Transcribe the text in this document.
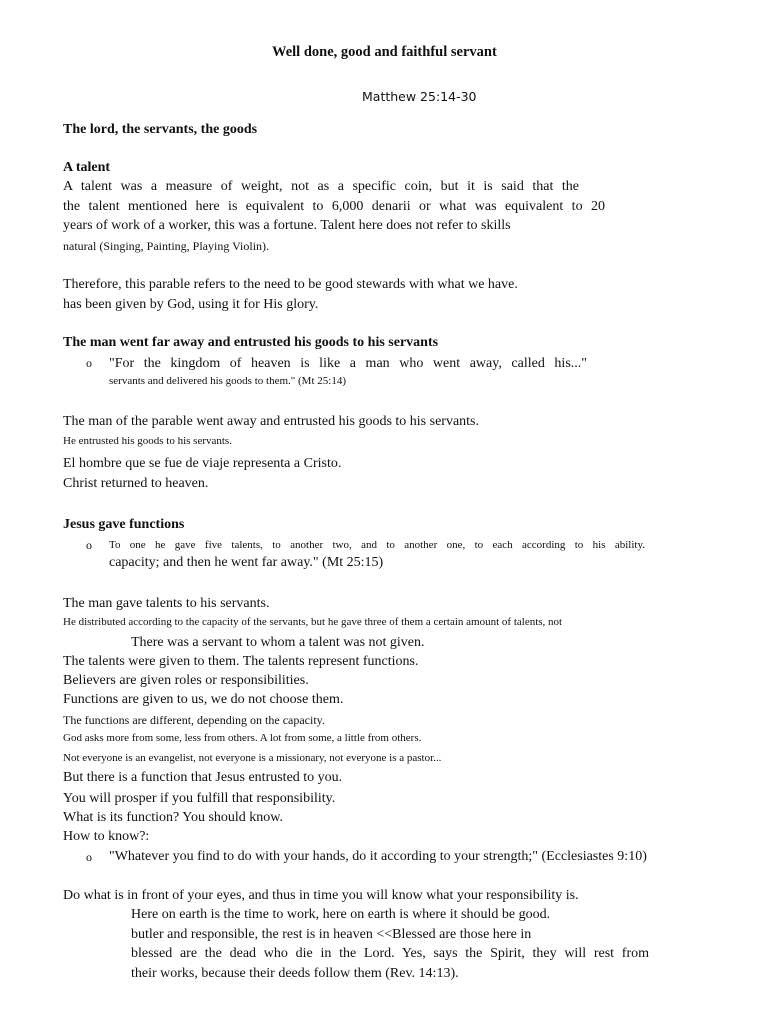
Well done, good and faithful servant
Matthew 25:14-30
The lord, the servants, the goods
A talent
A talent was a measure of weight, not as a specific coin, but it is said that the
the talent mentioned here is equivalent to 6,000 denarii or what was equivalent to 20
years of work of a worker, this was a fortune. Talent here does not refer to skills
natural (Singing, Painting, Playing Violin).
Therefore, this parable refers to the need to be good stewards with what we have.
has been given by God, using it for His glory.
The man went far away and entrusted his goods to his servants
o "For the kingdom of heaven is like a man who went away, called his..."
servants and delivered his goods to them." (Mt 25:14)
The man of the parable went away and entrusted his goods to his servants.
He entrusted his goods to his servants.
El hombre que se fue de viaje representa a Cristo.
Christ returned to heaven.
Jesus gave functions
o To one he gave five talents, to another two, and to another one, to each according to his ability.
capacity; and then he went far away." (Mt 25:15)
The man gave talents to his servants.
He distributed according to the capacity of the servants, but he gave three of them a certain amount of talents, not
There was a servant to whom a talent was not given.
The talents were given to them. The talents represent functions.
Believers are given roles or responsibilities.
Functions are given to us, we do not choose them.
The functions are different, depending on the capacity.
God asks more from some, less from others. A lot from some, a little from others.
Not everyone is an evangelist, not everyone is a missionary, not everyone is a pastor...
But there is a function that Jesus entrusted to you.
You will prosper if you fulfill that responsibility.
What is its function? You should know.
How to know?:
o "Whatever you find to do with your hands, do it according to your strength;" (Ecclesiastes 9:10)
Do what is in front of your eyes, and thus in time you will know what your responsibility is.
Here on earth is the time to work, here on earth is where it should be good.
butler and responsible, the rest is in heaven <<Blessed are those here in
blessed are the dead who die in the Lord. Yes, says the Spirit, they will rest from
their works, because their deeds follow them (Rev. 14:13).
